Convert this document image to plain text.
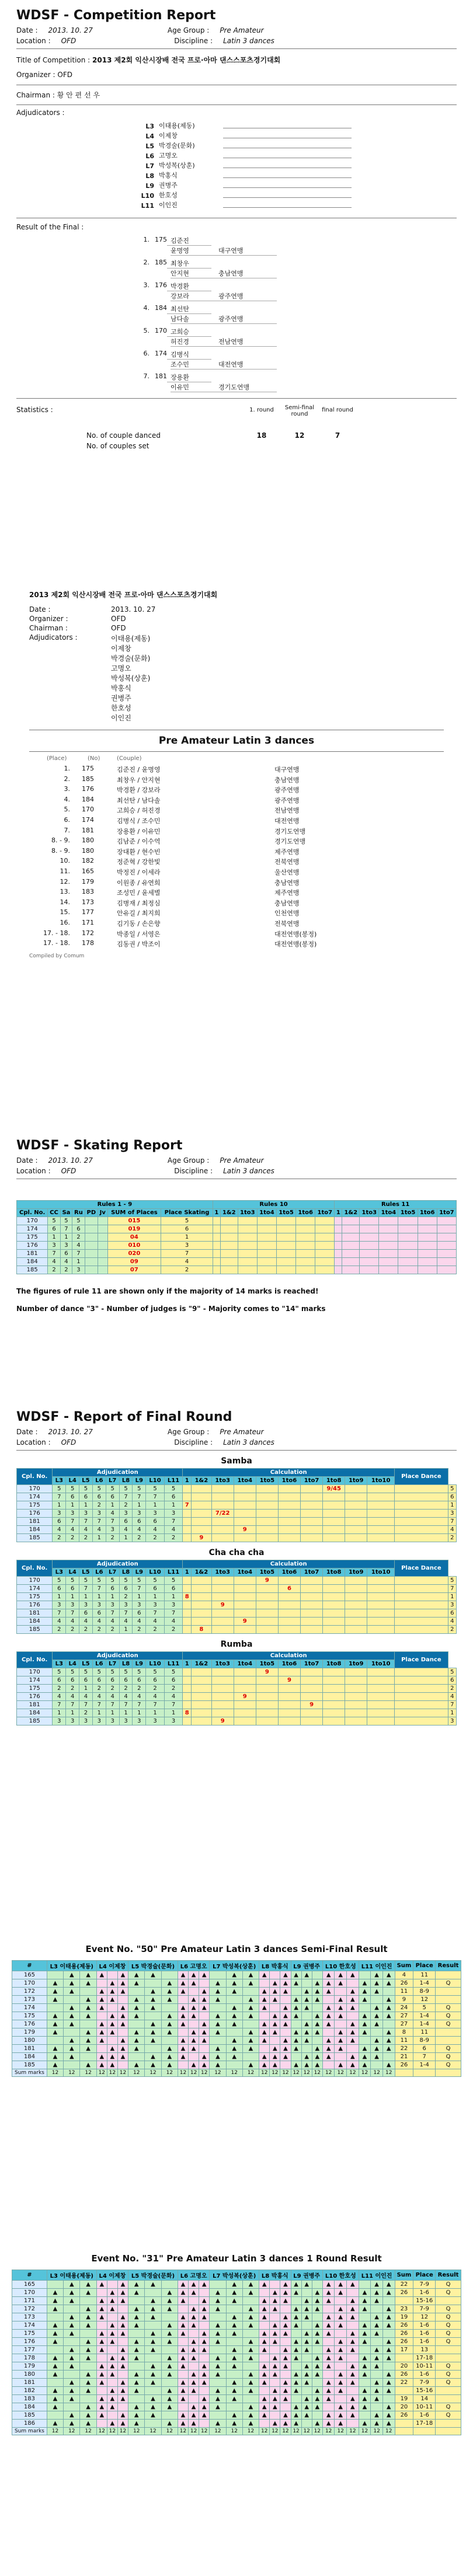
WDSF - Competition Report
Date : 2013. 10. 27	Age Group : Pre Amateur
Location : OFD	Discipline : Latin 3 dances
Title of Competition : 2013 제2회 익산시장배 전국 프로·아마 댄스스포츠경기대회
Organizer : OFD
Chairman : 황 안 편 선 우
Adjudicators :
L3 이태용(제동)
L4 이제창
L5 박경술(문화)
L6 고명오
L7 박성복(상훈)
L8 박홍식
L9 권병주
L10 한호성
L11 이인진
Result of the Final :
1. 175 김준진
윤명영	대구연맹
2. 185 최창우
안지현	충남연맹
3. 176 박경환
강보라	광주연맹
4. 184 최선탄
남다솔	광주연맹
5. 170 고희승
허진경	전남연맹
6. 174 김병식
조수민	대전연맹
7. 181 장용환
이유민	경기도연맹
Statistics :	1. round	Semi-final round
final round
No. of couple danced	18	12	7
No. of couples set
2013 제2회 익산시장배 전국 프로·아마 댄스스포츠경기대회
Date :	2013. 10. 27
Organizer :	OFD
Chairman :	OFD
Adjudicators :	이태용(제동)
이제창
박경술(문화)
고명오
박성복(상훈)
박홍식
권병주
한호성
이인진
Pre Amateur Latin 3 dances
(Place)	(No)	(Couple)
1. 175	김준진 / 윤명영	대구연맹
2. 185	최창우 / 안지현	충남연맹
3. 176	박경환 / 강보라	광주연맹
4. 184	최선탄 / 남다솔	광주연맹
5. 170	고희승 / 허진경	전남연맹
6. 174	김병식 / 조수민	대전연맹
7. 181	장용환 / 이유민	경기도연맹
8. - 9. 180	김남준 / 이수역	경기도연맹
8. - 9. 180	장대환 / 현수빈	제주연맹
10. 182	정준혁 / 강한빛	전북연맹
11. 165	박정진 / 이세라	울산연맹
12. 179	이원종 / 유연희	충남연맹
13. 183	조성민 / 윤세별	제주연맹
14. 173	김병재 / 최정심	충남연맹
15. 177	안유길 / 최지희	인천연맹
16. 171	김기동 / 손은향	전북연맹
17. - 18. 172	박종일 / 서영은	대전연맹(봉정)
17. - 18. 178	김동권 / 박조이	대전연맹(봉정)
Compiled by Comum
WDSF - Skating Report
Date : 2013. 10. 27	Age Group : Pre Amateur
Location : OFD	Discipline : Latin 3 dances
Rules 1 - 9								Rules 10							Rules 11						
Cpl. No.	CC	Sa	Ru	PD	Jv	SUM of Places	Place Skating	1	1&2	1to3	1to4	1to5	1to6	1to7	1	1&2	1to3	1to4	1to5	1to6	1to7
170	5	5	5			015	5														
174	6	7	6			019	6														
175	1	1	2			04	1														
176	3	3	4			010	3														
181	7	6	7			020	7														
184	4	4	1			09	4														
185	2	2	3			07	2														
The figures of rule 11 are shown only if the majority of 14 marks is reached!
Number of dance "3" - Number of judges is "9" - Majority comes to "14" marks
WDSF - Report of Final Round
Date : 2013. 10. 27	Age Group : Pre Amateur
Location : OFD	Discipline : Latin 3 dances
Samba
Cpl. No.	Adjudication									Calculation										Place Dance	
	L3	L4	L5	L6	L7	L8	L9	L10	L11	1	1&2	1to3	1to4	1to5	1to6	1to7	1to8	1to9	1to10		
170	5	5	5	5	5	5	5	5	5								9/45				5
174	7	6	6	6	6	7	7	7	6												6
175	1	1	1	2	1	2	1	1	1	7											1
176	3	3	3	3	4	3	3	3	3			7/22									3
181	6	7	7	7	7	6	6	6	7												7
184	4	4	4	4	3	4	4	4	4				9								4
185	2	2	2	1	2	1	2	2	2		9										2
Cha cha cha
Cpl. No.	Adjudication									Calculation										Place Dance	
	L3	L4	L5	L6	L7	L8	L9	L10	L11	1	1&2	1to3	1to4	1to5	1to6	1to7	1to8	1to9	1to10		
170	5	5	5	5	5	5	5	5	5					9							5
174	6	6	7	7	6	6	7	6	6						6						7
175	1	1	1	1	1	2	1	1	1	8											1
176	3	3	3	3	3	3	3	3	3			9									3
181	7	7	6	6	7	7	6	7	7												6
184	4	4	4	4	4	4	4	4	4				9								4
185	2	2	2	2	2	1	2	2	2		8										2
Rumba
Cpl. No.	Adjudication									Calculation										Place Dance	
	L3	L4	L5	L6	L7	L8	L9	L10	L11	1	1&2	1to3	1to4	1to5	1to6	1to7	1to8	1to9	1to10		
170	5	5	5	5	5	5	5	5	5					9							5
174	6	6	6	6	6	6	6	6	6						9						6
175	2	2	1	2	2	2	2	2	2												2
176	4	4	4	4	4	4	4	4	4				9								4
181	7	7	7	7	7	7	7	7	7							9					7
184	1	1	2	1	1	1	1	1	1	8											1
185	3	3	3	3	3	3	3	3	3			9									3
Event No. "50" Pre Amateur Latin 3 dances Semi-Final Result
#	L3 이태용(제동)			L4 이제창			L5 박경술(문화)			L6 고명오			L7 박성복(상훈)			L8 박홍식			L9 권병주			L10 한호성			L11 이인진			Sum	Place	Result
165		▲	▲	▲		▲	▲	▲		▲	▲	▲		▲	▲	▲		▲	▲	▲		▲	▲	▲		▲	▲	4	11	
170	▲	▲	▲		▲	▲	▲		▲	▲	▲		▲	▲	▲		▲	▲	▲		▲	▲	▲		▲	▲	▲	26	1-4	Q
172	▲	▲		▲	▲	▲		▲	▲	▲		▲	▲	▲		▲	▲	▲		▲	▲	▲		▲	▲	▲		11	8-9	
173	▲		▲	▲	▲		▲	▲	▲		▲	▲	▲		▲	▲	▲		▲	▲	▲		▲	▲	▲		▲	9	12	
174		▲	▲	▲		▲	▲	▲		▲	▲	▲		▲	▲	▲		▲	▲	▲		▲	▲	▲		▲	▲	24	5	Q
175	▲	▲	▲		▲	▲	▲		▲	▲	▲		▲	▲	▲		▲	▲	▲		▲	▲	▲		▲	▲	▲	27	1-4	Q
176	▲	▲		▲	▲	▲		▲	▲	▲		▲	▲	▲		▲	▲	▲		▲	▲	▲		▲	▲	▲		27	1-4	Q
179	▲		▲	▲	▲		▲	▲	▲		▲	▲	▲		▲	▲	▲		▲	▲	▲		▲	▲	▲		▲	8	11	
180		▲	▲	▲		▲	▲	▲		▲	▲	▲		▲	▲	▲		▲	▲	▲		▲	▲	▲		▲	▲	11	8-9	
181	▲	▲	▲		▲	▲	▲		▲	▲	▲		▲	▲	▲		▲	▲	▲		▲	▲	▲		▲	▲	▲	22	6	Q
184	▲	▲		▲	▲	▲		▲	▲	▲		▲	▲	▲		▲	▲	▲		▲	▲	▲		▲	▲	▲		21	7	Q
185	▲		▲	▲	▲		▲	▲	▲		▲	▲	▲		▲	▲	▲		▲	▲	▲		▲	▲	▲		▲	26	1-4	Q
Sum marks	12	12	12	12	12	12	12	12	12	12	12	12	12	12	12	12	12	12	12	12	12	12	12	12	12	12	12			
Event No. "31" Pre Amateur Latin 3 dances 1 Round Result
#	L3 이태용(제동)			L4 이제창			L5 박경술(문화)			L6 고명오			L7 박성복(상훈)			L8 박홍식			L9 권병주			L10 한호성			L11 이인진			Sum	Place	Result
165		▲	▲	▲		▲	▲	▲		▲	▲	▲		▲	▲	▲		▲	▲	▲		▲	▲	▲		▲	▲	22	7-9	Q
170	▲	▲	▲		▲	▲	▲		▲	▲	▲		▲	▲	▲		▲	▲	▲		▲	▲	▲		▲	▲	▲	26	1-6	Q
171	▲	▲		▲	▲	▲		▲	▲	▲		▲	▲	▲		▲	▲	▲		▲	▲	▲		▲	▲	▲			15-16	
172	▲		▲	▲	▲		▲	▲	▲		▲	▲	▲		▲	▲	▲		▲	▲	▲		▲	▲	▲		▲	23	7-9	Q
173		▲	▲	▲		▲	▲	▲		▲	▲	▲		▲	▲	▲		▲	▲	▲		▲	▲	▲		▲	▲	19	12	Q
174	▲	▲	▲		▲	▲	▲		▲	▲	▲		▲	▲	▲		▲	▲	▲		▲	▲	▲		▲	▲	▲	26	1-6	Q
175	▲	▲		▲	▲	▲		▲	▲	▲		▲	▲	▲		▲	▲	▲		▲	▲	▲		▲	▲	▲		26	1-6	Q
176	▲		▲	▲	▲		▲	▲	▲		▲	▲	▲		▲	▲	▲		▲	▲	▲		▲	▲	▲		▲	26	1-6	Q
177		▲	▲	▲		▲	▲	▲		▲	▲	▲		▲	▲	▲		▲	▲	▲		▲	▲	▲		▲	▲	17	13	
178	▲	▲	▲		▲	▲	▲		▲	▲	▲		▲	▲	▲		▲	▲	▲		▲	▲	▲		▲	▲	▲		17-18	
179	▲	▲		▲	▲	▲		▲	▲	▲		▲	▲	▲		▲	▲	▲		▲	▲	▲		▲	▲	▲		20	10-11	Q
180	▲		▲	▲	▲		▲	▲	▲		▲	▲	▲		▲	▲	▲		▲	▲	▲		▲	▲	▲		▲	26	1-6	Q
181		▲	▲	▲		▲	▲	▲		▲	▲	▲		▲	▲	▲		▲	▲	▲		▲	▲	▲		▲	▲	22	7-9	Q
182	▲	▲	▲		▲	▲	▲		▲	▲	▲		▲	▲	▲		▲	▲	▲		▲	▲	▲		▲	▲	▲		15-16	
183	▲	▲		▲	▲	▲		▲	▲	▲		▲	▲	▲		▲	▲	▲		▲	▲	▲		▲	▲	▲		19	14	
184	▲		▲	▲	▲		▲	▲	▲		▲	▲	▲		▲	▲	▲		▲	▲	▲		▲	▲	▲		▲	20	10-11	Q
185		▲	▲	▲		▲	▲	▲		▲	▲	▲		▲	▲	▲		▲	▲	▲		▲	▲	▲		▲	▲	26	1-6	Q
186	▲	▲	▲		▲	▲	▲		▲	▲	▲		▲	▲	▲		▲	▲	▲		▲	▲	▲		▲	▲	▲		17-18	
Sum marks	12	12	12	12	12	12	12	12	12	12	12	12	12	12	12	12	12	12	12	12	12	12	12	12	12	12	12			
